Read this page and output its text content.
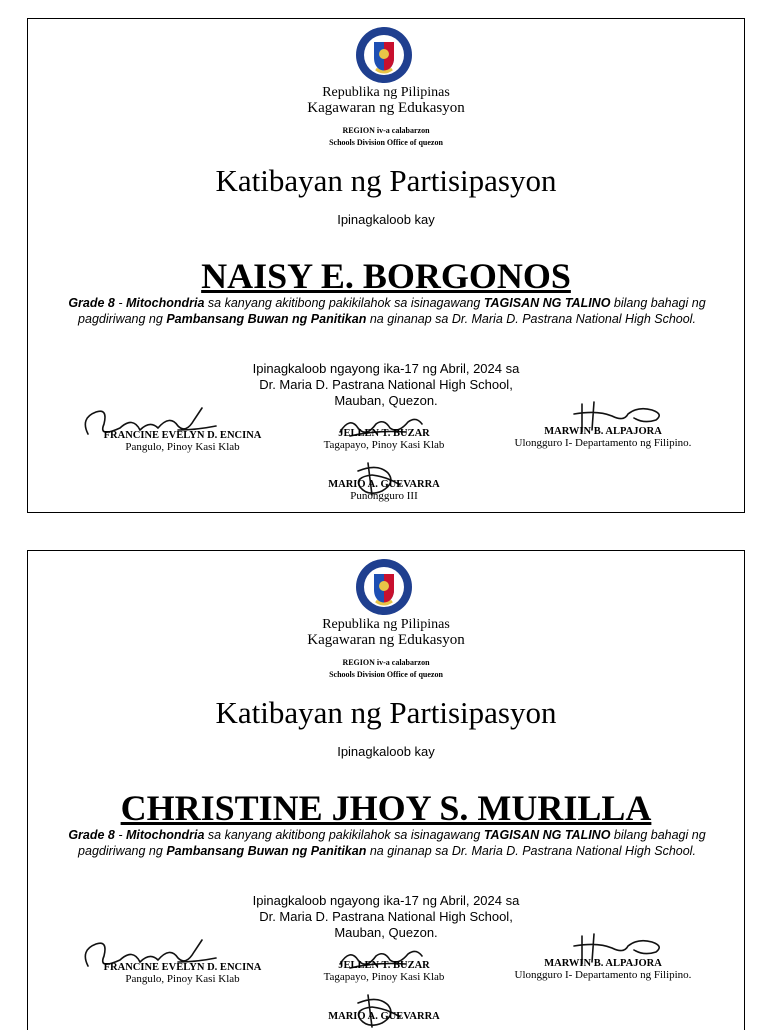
Republika ng Pilipinas
Kagawaran ng Edukasyon
REGION iv-a calabarzon
Schools Division Office of quezon
Katibayan ng Partisipasyon
Ipinagkaloob kay
NAISY E. BORGONOS
Grade 8 - Mitochondria sa kanyang akitibong pakikilahok sa isinagawang TAGISAN NG TALINO bilang bahagi ng pagdiriwang ng Pambansang Buwan ng Panitikan na ginanap sa Dr. Maria D. Pastrana National High School.
Ipinagkaloob ngayong ika-17 ng Abril, 2024 sa
Dr. Maria D. Pastrana National High School,
Mauban, Quezon.
FRANCINE EVELYN D. ENCINA
Pangulo, Pinoy Kasi Klab
JELLEN T. BUZAR
Tagapayo, Pinoy Kasi Klab
MARWIN B. ALPAJORA
Ulongguro I- Departamento ng Filipino.
MARIO A. GUEVARRA
Punongguro III
Republika ng Pilipinas
Kagawaran ng Edukasyon
REGION iv-a calabarzon
Schools Division Office of quezon
Katibayan ng Partisipasyon
Ipinagkaloob kay
CHRISTINE JHOY S. MURILLA
Grade 8 - Mitochondria sa kanyang akitibong pakikilahok sa isinagawang TAGISAN NG TALINO bilang bahagi ng pagdiriwang ng Pambansang Buwan ng Panitikan na ginanap sa Dr. Maria D. Pastrana National High School.
Ipinagkaloob ngayong ika-17 ng Abril, 2024 sa
Dr. Maria D. Pastrana National High School,
Mauban, Quezon.
FRANCINE EVELYN D. ENCINA
Pangulo, Pinoy Kasi Klab
JELLEN T. BUZAR
Tagapayo, Pinoy Kasi Klab
MARWIN B. ALPAJORA
Ulongguro I- Departamento ng Filipino.
MARIO A. GUEVARRA
